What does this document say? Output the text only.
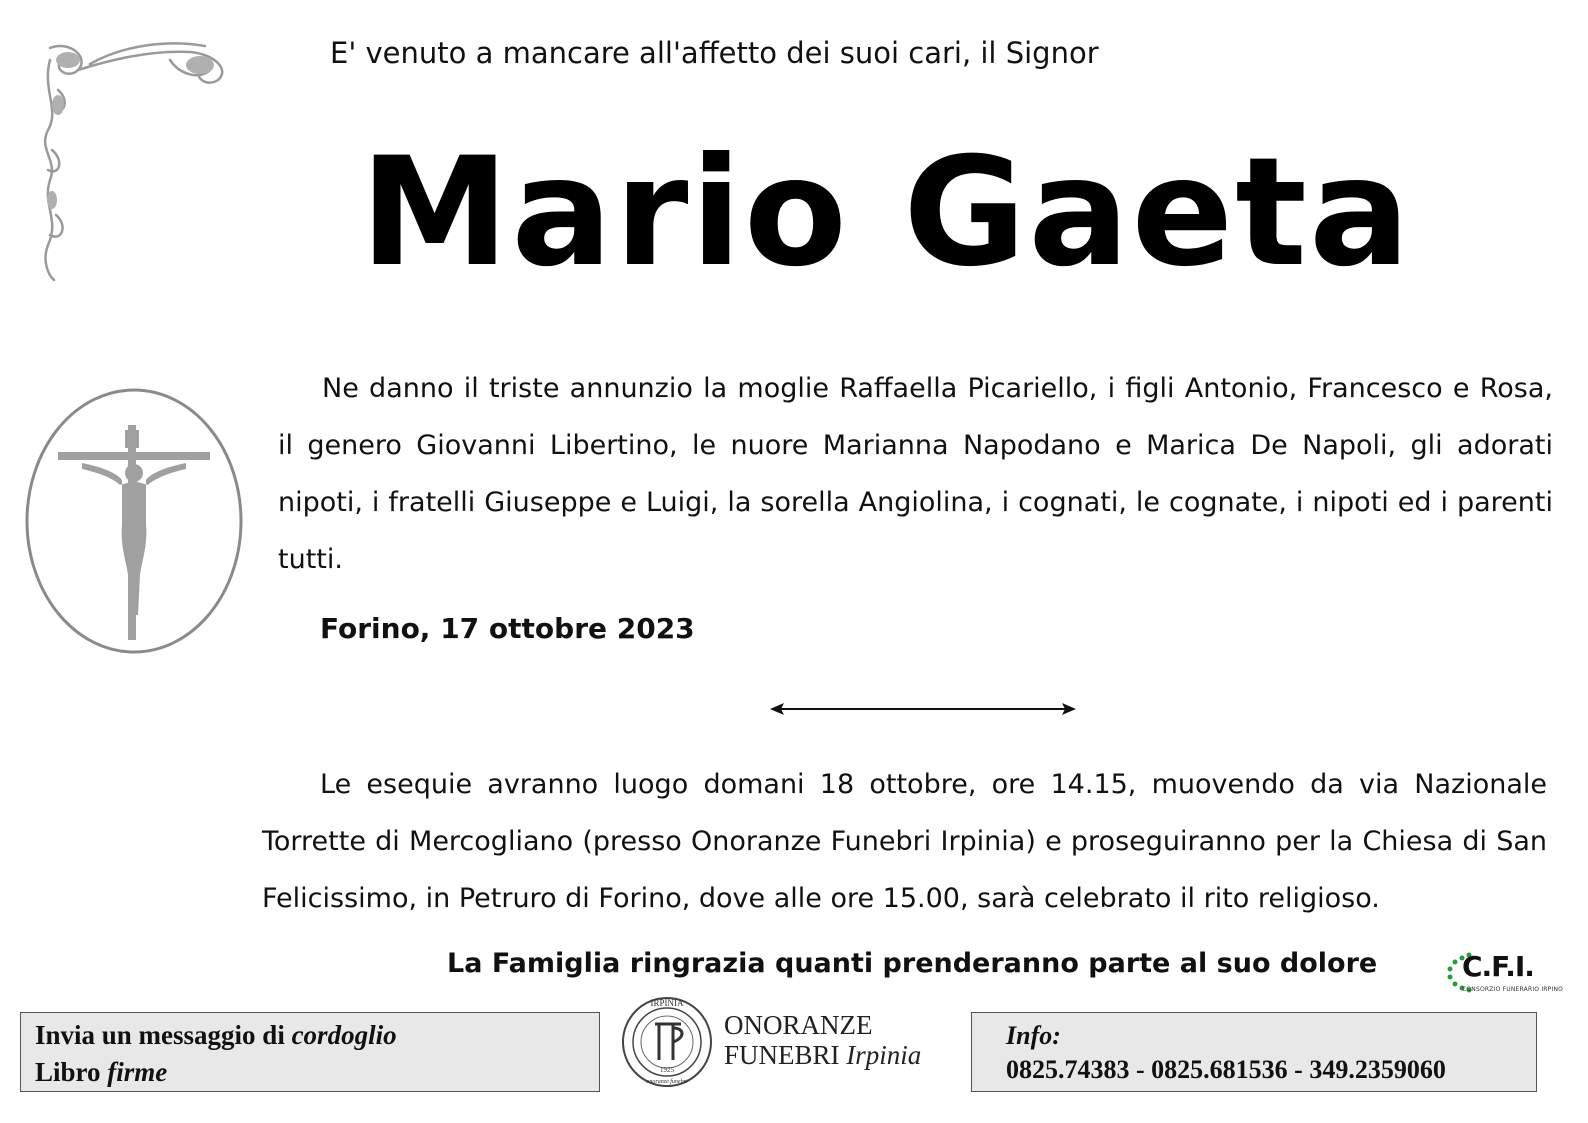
E' venuto a mancare all'affetto dei suoi cari, il Signor
Mario Gaeta
Ne danno il triste annunzio la moglie Raffaella Picariello, i figli Antonio, Francesco e Rosa, il genero Giovanni Libertino, le nuore Marianna Napodano e Marica De Napoli, gli adorati nipoti, i fratelli Giuseppe e Luigi, la sorella Angiolina, i cognati, le cognate, i nipoti ed i parenti tutti.
Forino, 17 ottobre 2023
Le esequie avranno luogo domani 18 ottobre, ore 14.15, muovendo da via Nazionale Torrette di Mercogliano (presso Onoranze Funebri Irpinia) e proseguiranno per la Chiesa di San Felicissimo, in Petruro di Forino, dove alle ore 15.00, sarà celebrato il rito religioso.
La Famiglia ringrazia quanti prenderanno parte al suo dolore	C.F.I.
CONSORZIO FUNERARIO IRPINO
Invia un messaggio di cordoglio
Libro firme
IRPINIA
1925
onoranze funebri
ONORANZE
FUNEBRI Irpinia
Info:
0825.74383 - 0825.681536 - 349.2359060
